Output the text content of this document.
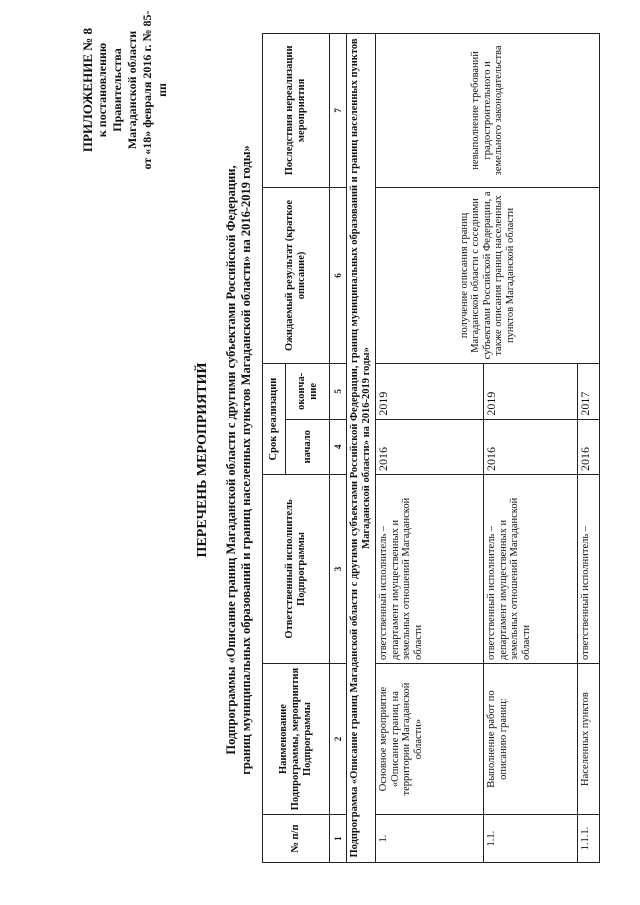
ПРИЛОЖЕНИЕ № 8 к постановлению Правительства Магаданской области от «18» февраля 2016 г. № 85-пп
ПЕРЕЧЕНЬ МЕРОПРИЯТИЙ Подпрограммы «Описание границ Магаданской области с другими субъектами Российской Федерации, границ муниципальных образований и границ населенных пунктов Магаданской области» на 2016-2019 годы»
№ п/п	Наименование Подпрограммы, мероприятия Подпрограммы	Ответственный исполнитель Подпрограммы	Срок реализации		Ожидаемый результат (краткое описание)	Последствия нереализации мероприятия
			начало	оконча-ние		
1	2	3	4	5	6	7
Подпрограмма «Описание границ Магаданской области с другими субъектами Российской Федерации, границ муниципальных образований и границ населенных пунктов Магаданской области» на 2016-2019 годы»						
1.	Основное мероприятие «Описание границ на территории Магаданской области»	ответственный исполнитель – департамент имущественных и земельных отношений Магаданской области	2016	2019	получение описания границ Магаданской области с соседними субъектами Российской Федерации, а также описания границ населенных пунктов Магаданской области	невыполнение требований градостроительного и земельного законодательства
1.1.	Выполнение работ по описанию границ:	ответственный исполнитель – департамент имущественных и земельных отношений Магаданской области	2016	2019		
1.1.1.	Населенных пунктов	ответственный исполнитель –	2016	2017		
